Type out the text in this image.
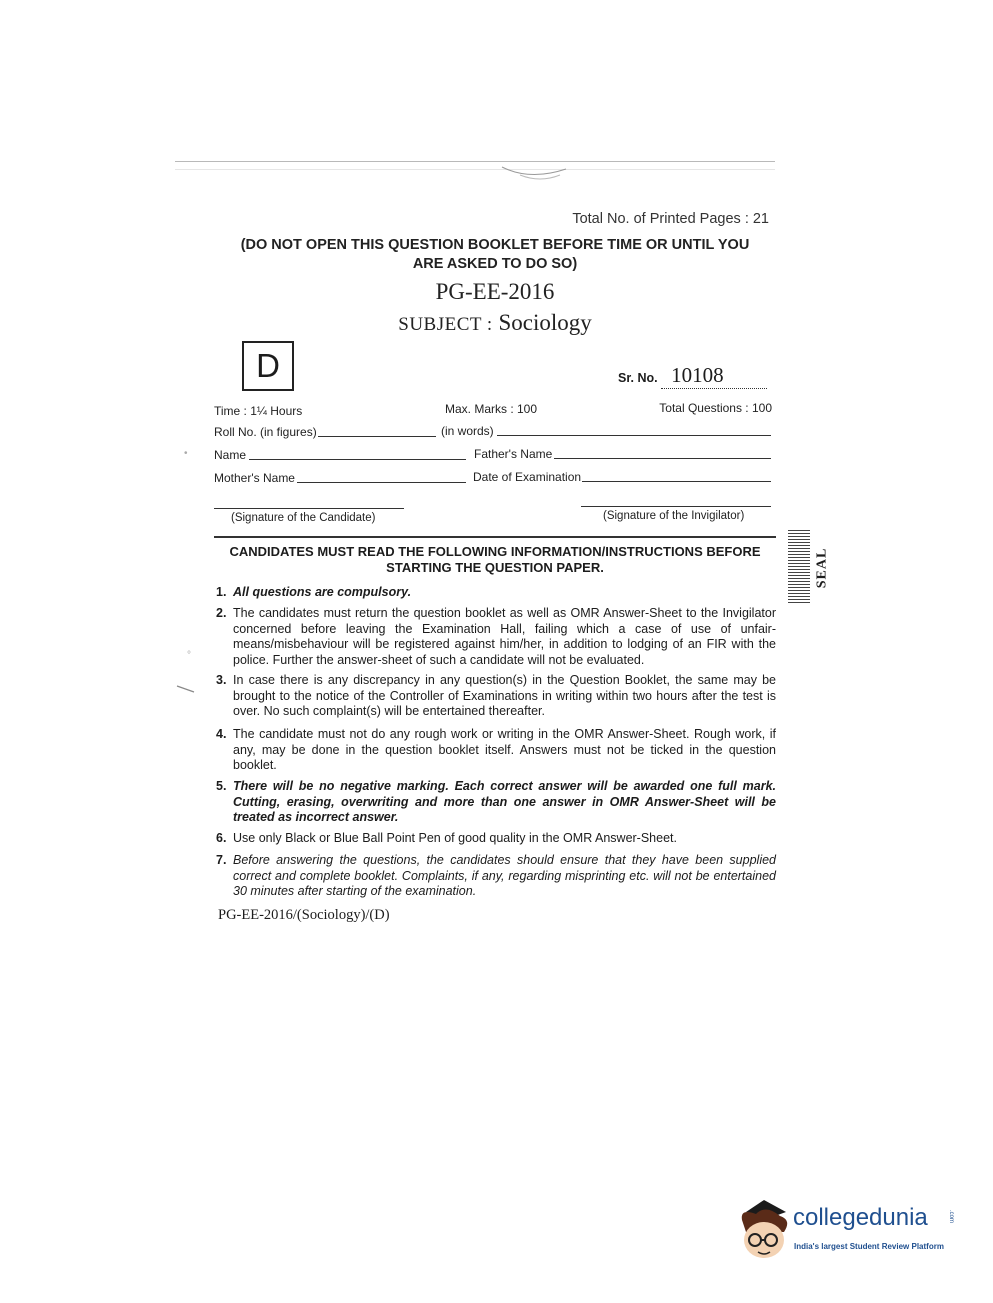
Total No. of Printed Pages : 21
(DO NOT OPEN THIS QUESTION BOOKLET BEFORE TIME OR UNTIL YOU
ARE ASKED TO DO SO)
PG-EE-2016
SUBJECT : Sociology
D	Sr. No. 10108
Time : 1¼ Hours	Max. Marks : 100	Total Questions : 100
Roll No. (in figures)	(in words)
Name	Father's Name
Mother's Name	Date of Examination
(Signature of the Candidate)	(Signature of the Invigilator)
CANDIDATES MUST READ THE FOLLOWING INFORMATION/INSTRUCTIONS BEFORE
STARTING THE QUESTION PAPER.
1. All questions are compulsory.
2. The candidates must return the question booklet as well as OMR Answer-Sheet to the Invigilator concerned before leaving the Examination Hall, failing which a case of use of unfair-means/misbehaviour will be registered against him/her, in addition to lodging of an FIR with the police. Further the answer-sheet of such a candidate will not be evaluated.
3. In case there is any discrepancy in any question(s) in the Question Booklet, the same may be brought to the notice of the Controller of Examinations in writing within two hours after the test is over. No such complaint(s) will be entertained thereafter.
4. The candidate must not do any rough work or writing in the OMR Answer-Sheet. Rough work, if any, may be done in the question booklet itself. Answers must not be ticked in the question booklet.
5. There will be no negative marking. Each correct answer will be awarded one full mark. Cutting, erasing, overwriting and more than one answer in OMR Answer-Sheet will be treated as incorrect answer.
6. Use only Black or Blue Ball Point Pen of good quality in the OMR Answer-Sheet.
7. Before answering the questions, the candidates should ensure that they have been supplied correct and complete booklet. Complaints, if any, regarding misprinting etc. will not be entertained 30 minutes after starting of the examination.
PG-EE-2016/(Sociology)/(D)
SEAL
•
°
collegedunia	.com
India's largest Student Review Platform
